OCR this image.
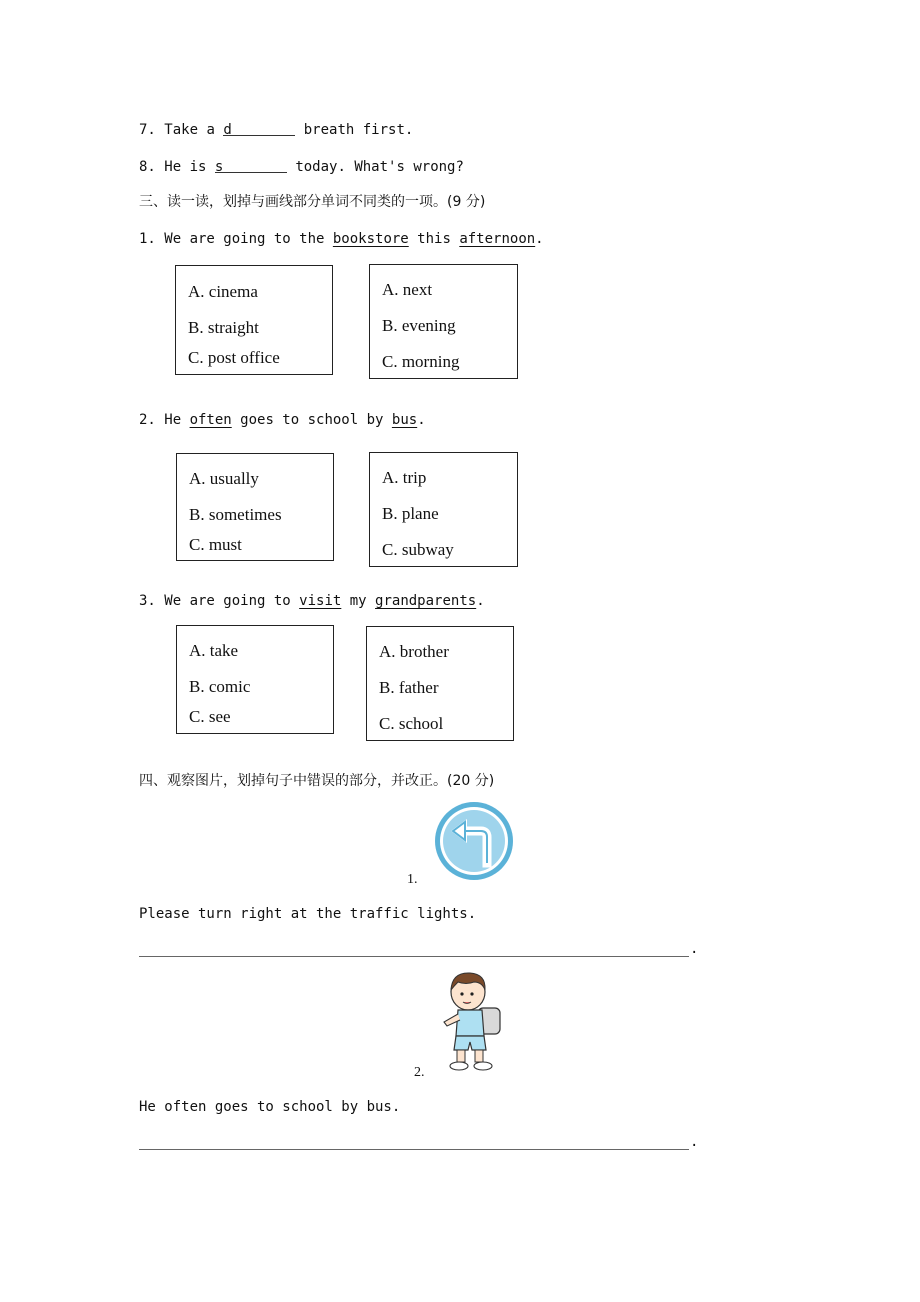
7. Take a d	breath first.
8. He is s	today. What's wrong?
三、读一读，划掉与画线部分单词不同类的一项。(9 分)
1. We are going to the bookstore this afternoon.
A. cinema
B. straight
C. post office
A. next
B. evening
C. morning
2. He often goes to school by bus.
A. usually
B. sometimes
C. must
A. trip
B. plane
C. subway
3. We are going to visit my grandparents.
A. take
B. comic
C. see
A. brother
B. father
C. school
四、观察图片，划掉句子中错误的部分，并改正。(20 分)
1.
Please turn right at the traffic lights.
.
2.
He often goes to school by bus.
.
